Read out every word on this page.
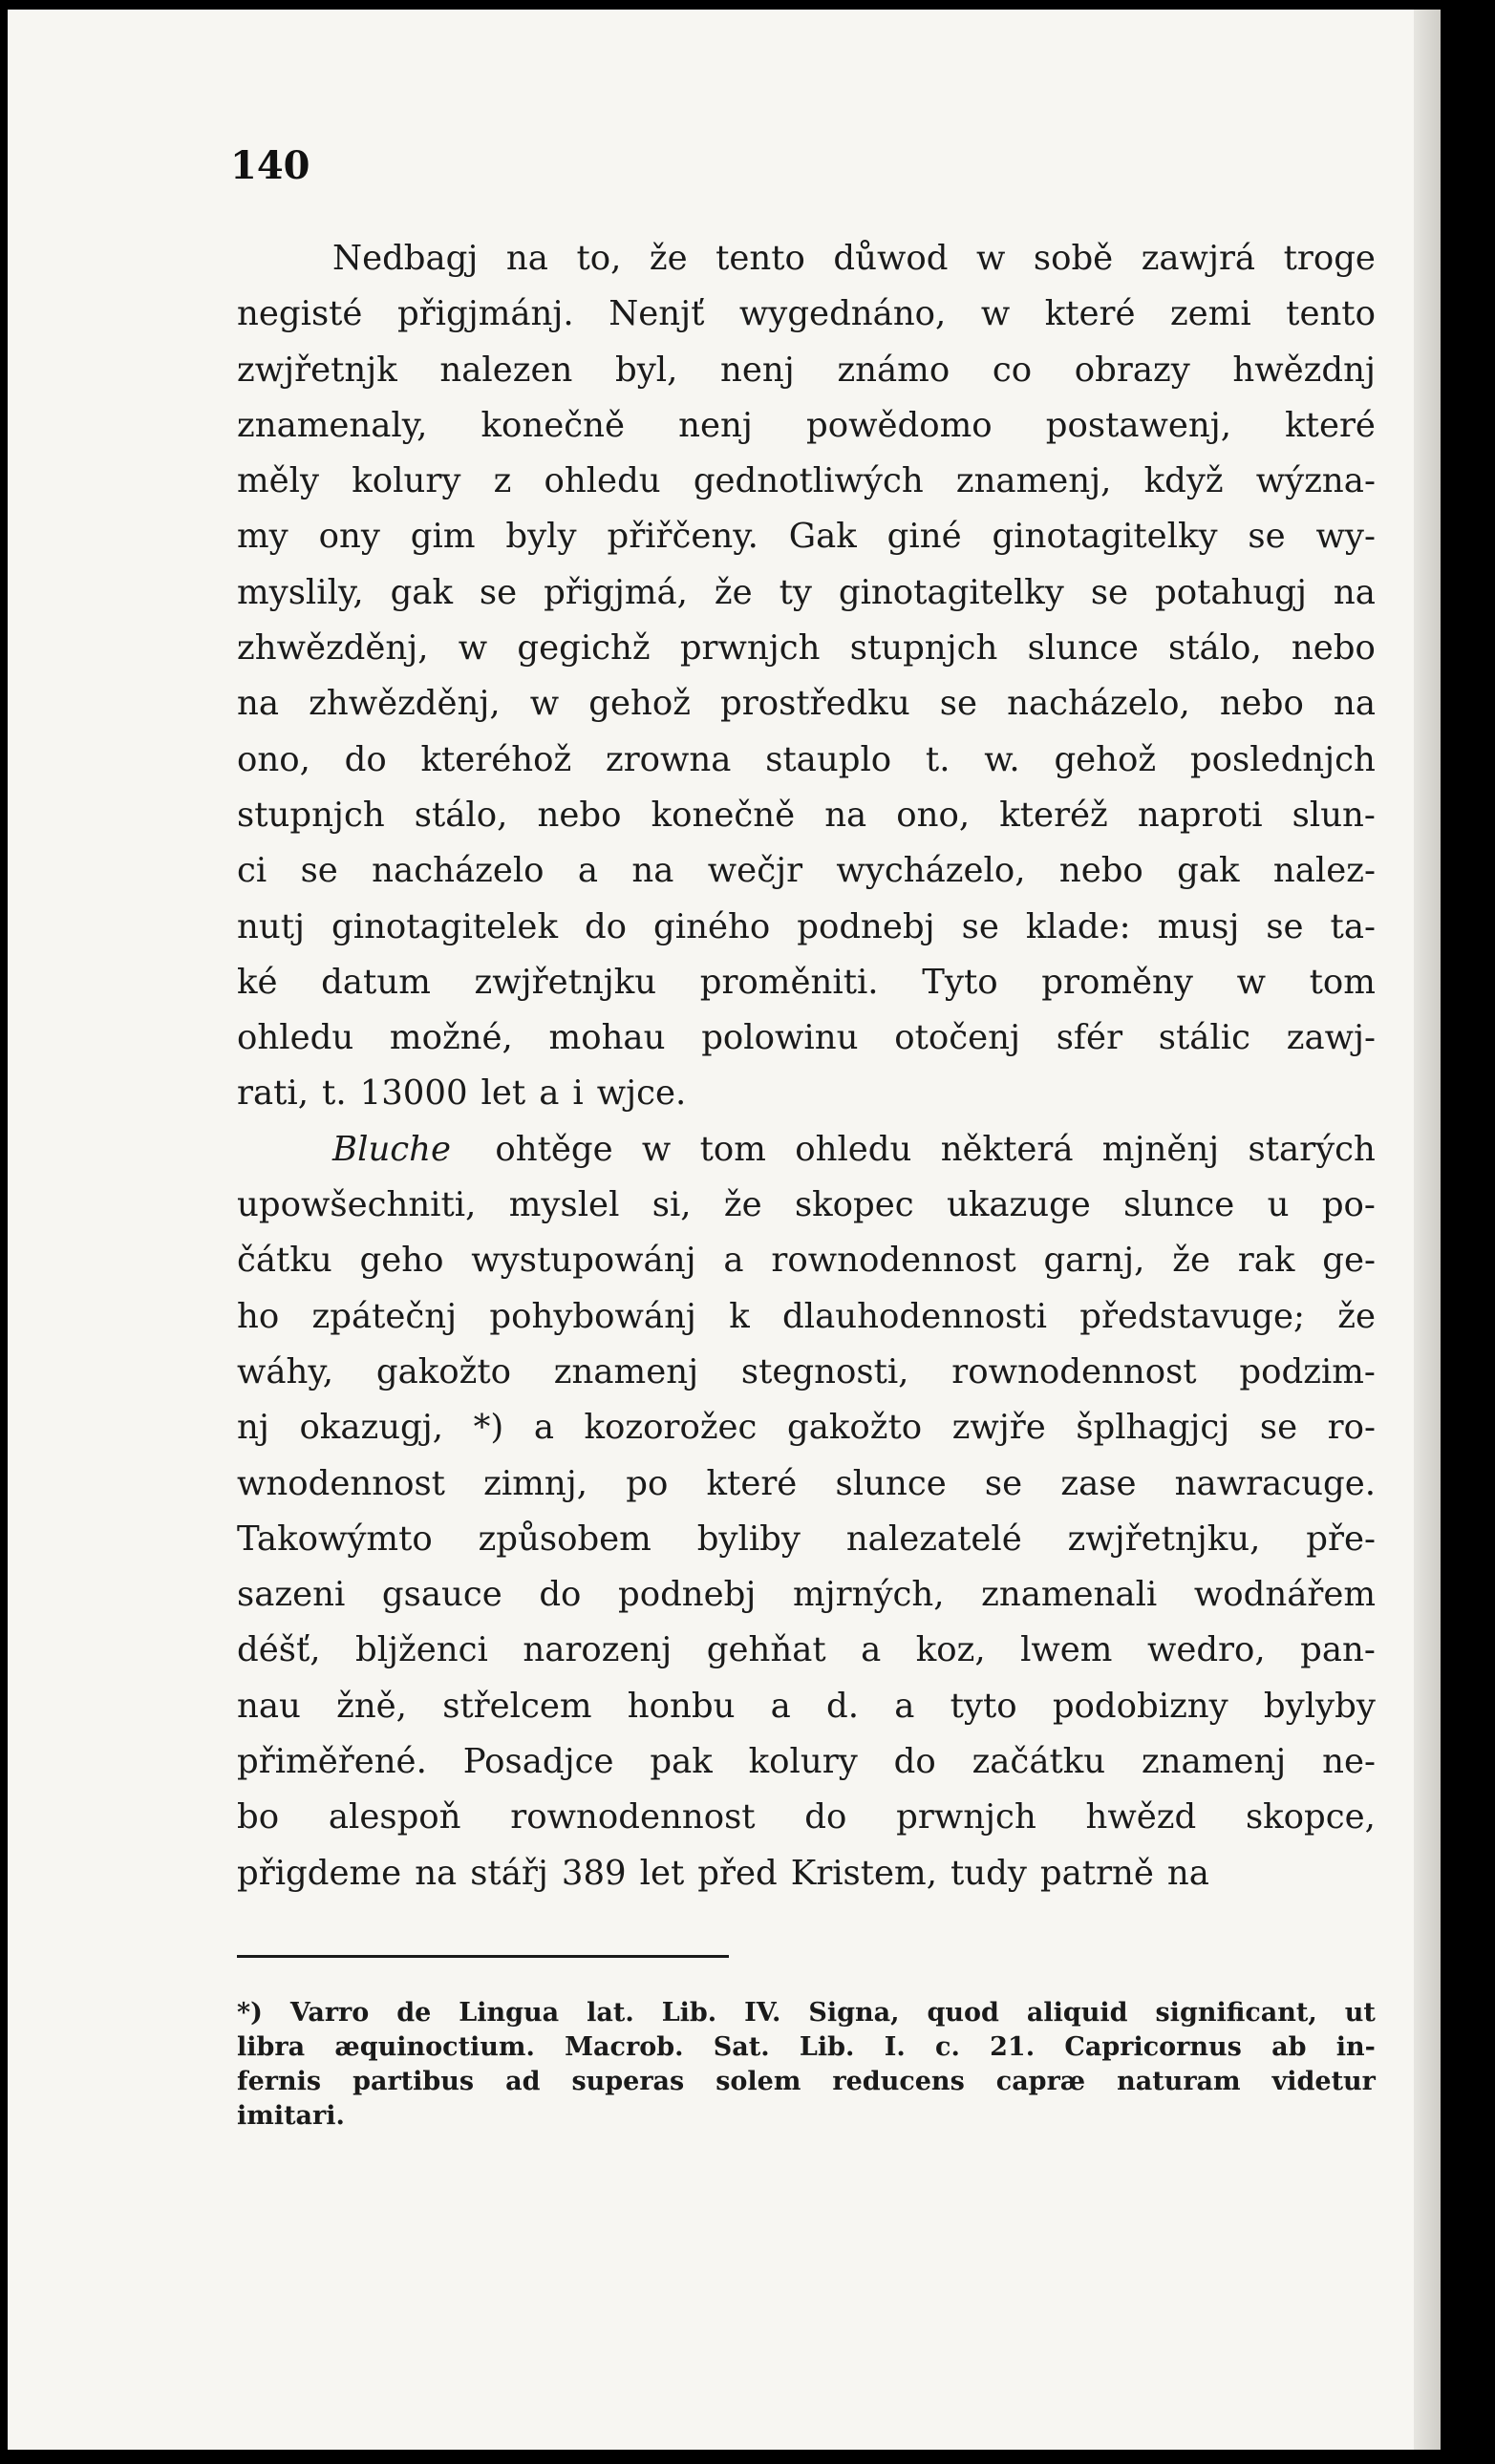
140
Nedbagj na to, že tento důwod w sobě zawjrá troge
negisté přigjmánj. Nenjť wygednáno, w které zemi tento
zwjřetnjk nalezen byl, nenj známo co obrazy hwězdnj
znamenaly, konečně nenj powědomo postawenj, které
měly kolury z ohledu gednotliwých znamenj, když wýzna-
my ony gim byly přiřčeny. Gak giné ginotagitelky se wy-
myslily, gak se přigjmá, že ty ginotagitelky se potahugj na
zhwězděnj, w gegichž prwnjch stupnjch slunce stálo, nebo
na zhwězděnj, w gehož prostředku se nacházelo, nebo na
ono, do kteréhož zrowna stauplo t. w. gehož poslednjch
stupnjch stálo, nebo konečně na ono, kteréž naproti slun-
ci se nacházelo a na wečjr wycházelo, nebo gak nalez-
nutj ginotagitelek do giného podnebj se klade: musj se ta-
ké datum zwjřetnjku proměniti. Tyto proměny w tom
ohledu možné, mohau polowinu otočenj sfér stálic zawj-
rati, t. 13000 let a i wjce.
Bluche ohtěge w tom ohledu některá mjněnj starých
upowšechniti, myslel si, že skopec ukazuge slunce u po-
čátku geho wystupowánj a rownodennost garnj, že rak ge-
ho zpátečnj pohybowánj k dlauhodennosti představuge; že
wáhy, gakožto znamenj stegnosti, rownodennost podzim-
nj okazugj, *) a kozorožec gakožto zwjře šplhagjcj se ro-
wnodennost zimnj, po které slunce se zase nawracuge.
Takowýmto způsobem byliby nalezatelé zwjřetnjku, pře-
sazeni gsauce do podnebj mjrných, znamenali wodnářem
déšť, bljženci narozenj gehňat a koz, lwem wedro, pan-
nau žně, střelcem honbu a d. a tyto podobizny bylyby
přiměřené. Posadjce pak kolury do začátku znamenj ne-
bo alespoň rownodennost do prwnjch hwězd skopce,
přigdeme na stářj 389 let před Kristem, tudy patrně na
*) Varro de Lingua lat. Lib. IV. Signa, quod aliquid significant, ut
libra æquinoctium. Macrob. Sat. Lib. I. c. 21. Capricornus ab in-
fernis partibus ad superas solem reducens capræ naturam videtur
imitari.
